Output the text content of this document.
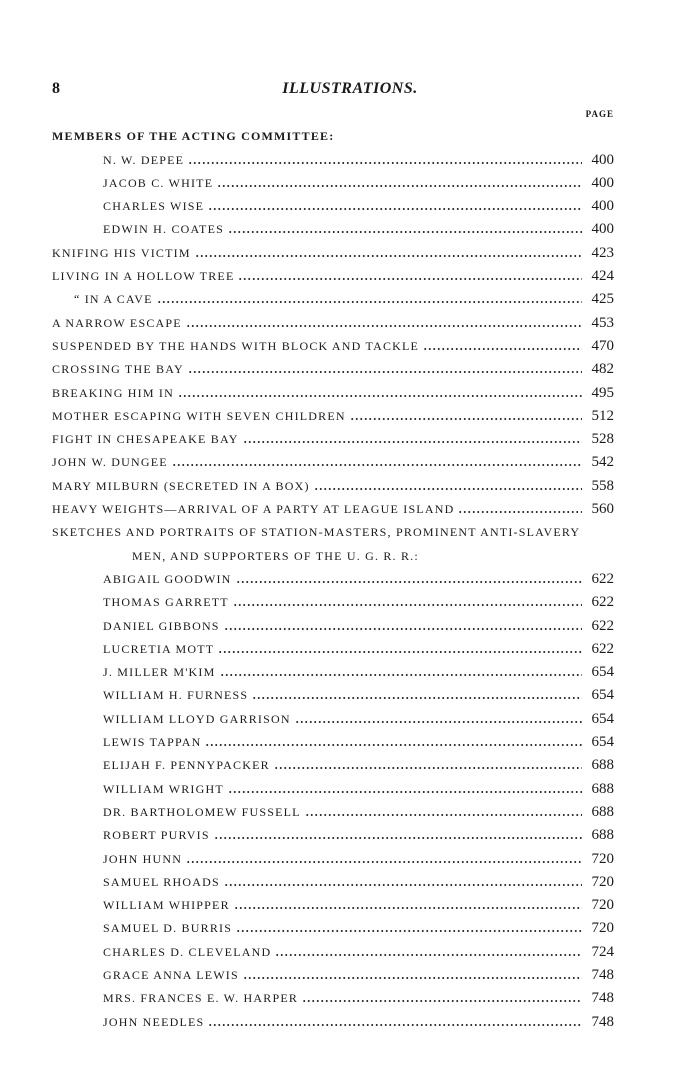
8	ILLUSTRATIONS.
PAGE
MEMBERS OF THE ACTING COMMITTEE:
N. W. DEPEE	400
JACOB C. WHITE	400
CHARLES WISE	400
EDWIN H. COATES	400
KNIFING HIS VICTIM	423
LIVING IN A HOLLOW TREE	424
“ IN A CAVE	425
A NARROW ESCAPE	453
SUSPENDED BY THE HANDS WITH BLOCK AND TACKLE	470
CROSSING THE BAY	482
BREAKING HIM IN	495
MOTHER ESCAPING WITH SEVEN CHILDREN	512
FIGHT IN CHESAPEAKE BAY	528
JOHN W. DUNGEE	542
MARY MILBURN (SECRETED IN A BOX)	558
HEAVY WEIGHTS—ARRIVAL OF A PARTY AT LEAGUE ISLAND	560
SKETCHES AND PORTRAITS OF STATION-MASTERS, PROMINENT ANTI-SLAVERY
MEN, AND SUPPORTERS OF THE U. G. R. R.:
ABIGAIL GOODWIN	622
THOMAS GARRETT	622
DANIEL GIBBONS	622
LUCRETIA MOTT	622
J. MILLER M'KIM	654
WILLIAM H. FURNESS	654
WILLIAM LLOYD GARRISON	654
LEWIS TAPPAN	654
ELIJAH F. PENNYPACKER	688
WILLIAM WRIGHT	688
DR. BARTHOLOMEW FUSSELL	688
ROBERT PURVIS	688
JOHN HUNN	720
SAMUEL RHOADS	720
WILLIAM WHIPPER	720
SAMUEL D. BURRIS	720
CHARLES D. CLEVELAND	724
GRACE ANNA LEWIS	748
MRS. FRANCES E. W. HARPER	748
JOHN NEEDLES	748
